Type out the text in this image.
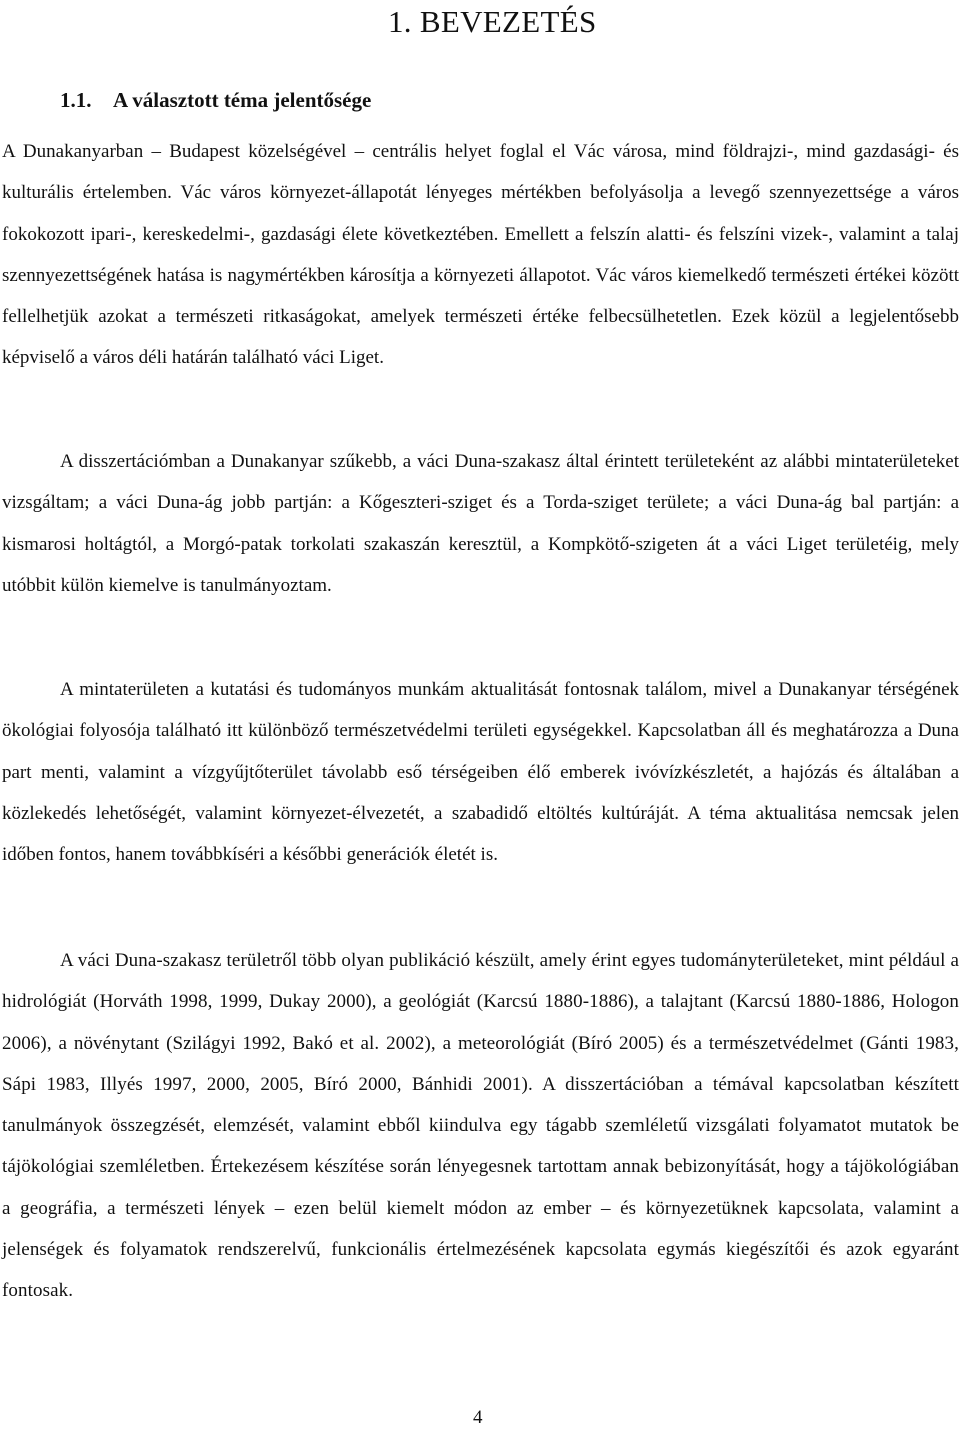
1. BEVEZETÉS
1.1. A választott téma jelentősége

A Dunakanyarban – Budapest közelségével – centrális helyet foglal el Vác városa, mind földrajzi-, mind gazdasági- és kulturális értelemben. Vác város környezet-állapotát lényeges mértékben befolyásolja a levegő szennyezettsége a város fokokozott ipari-, kereskedelmi-, gazdasági élete következtében. Emellett a felszín alatti- és felszíni vizek-, valamint a talaj szennyezettségének hatása is nagymértékben károsítja a környezeti állapotot. Vác város kiemelkedő természeti értékei között fellelhetjük azokat a természeti ritkaságokat, amelyek természeti értéke felbecsülhetetlen. Ezek közül a legjelentősebb képviselő a város déli határán található váci Liget.

A disszertációmban a Dunakanyar szűkebb, a váci Duna-szakasz által érintett területeként az alábbi mintaterületeket vizsgáltam; a váci Duna-ág jobb partján: a Kőgeszteri-sziget és a Torda-sziget területe; a váci Duna-ág bal partján: a kismarosi holtágtól, a Morgó-patak torkolati szakaszán keresztül, a Kompkötő-szigeten át a váci Liget területéig, mely utóbbit külön kiemelve is tanulmányoztam.

A mintaterületen a kutatási és tudományos munkám aktualitását fontosnak találom, mivel a Dunakanyar térségének ökológiai folyosója található itt különböző természetvédelmi területi egységekkel. Kapcsolatban áll és meghatározza a Duna part menti, valamint a vízgyűjtőterület távolabb eső térségeiben élő emberek ivóvízkészletét, a hajózás és általában a közlekedés lehetőségét, valamint környezet-élvezetét, a szabadidő eltöltés kultúráját. A téma aktualitása nemcsak jelen időben fontos, hanem továbbkíséri a későbbi generációk életét is.

A váci Duna-szakasz területről több olyan publikáció készült, amely érint egyes tudományterületeket, mint például a hidrológiát (Horváth 1998, 1999, Dukay 2000), a geológiát (Karcsú 1880-1886), a talajtant (Karcsú 1880-1886, Hologon 2006), a növénytant (Szilágyi 1992, Bakó et al. 2002), a meteorológiát (Bíró 2005) és a természetvédelmet (Gánti 1983, Sápi 1983, Illyés 1997, 2000, 2005, Bíró 2000, Bánhidi 2001). A disszertációban a témával kapcsolatban készített tanulmányok összegzését, elemzését, valamint ebből kiindulva egy tágabb szemléletű vizsgálati folyamatot mutatok be tájökológiai szemléletben. Értekezésem készítése során lényegesnek tartottam annak bebizonyítását, hogy a tájökológiában a geográfia, a természeti lények – ezen belül kiemelt módon az ember – és környezetüknek kapcsolata, valamint a jelenségek és folyamatok rendszerelvű, funkcionális értelmezésének kapcsolata egymás kiegészítői és azok egyaránt fontosak.

4
